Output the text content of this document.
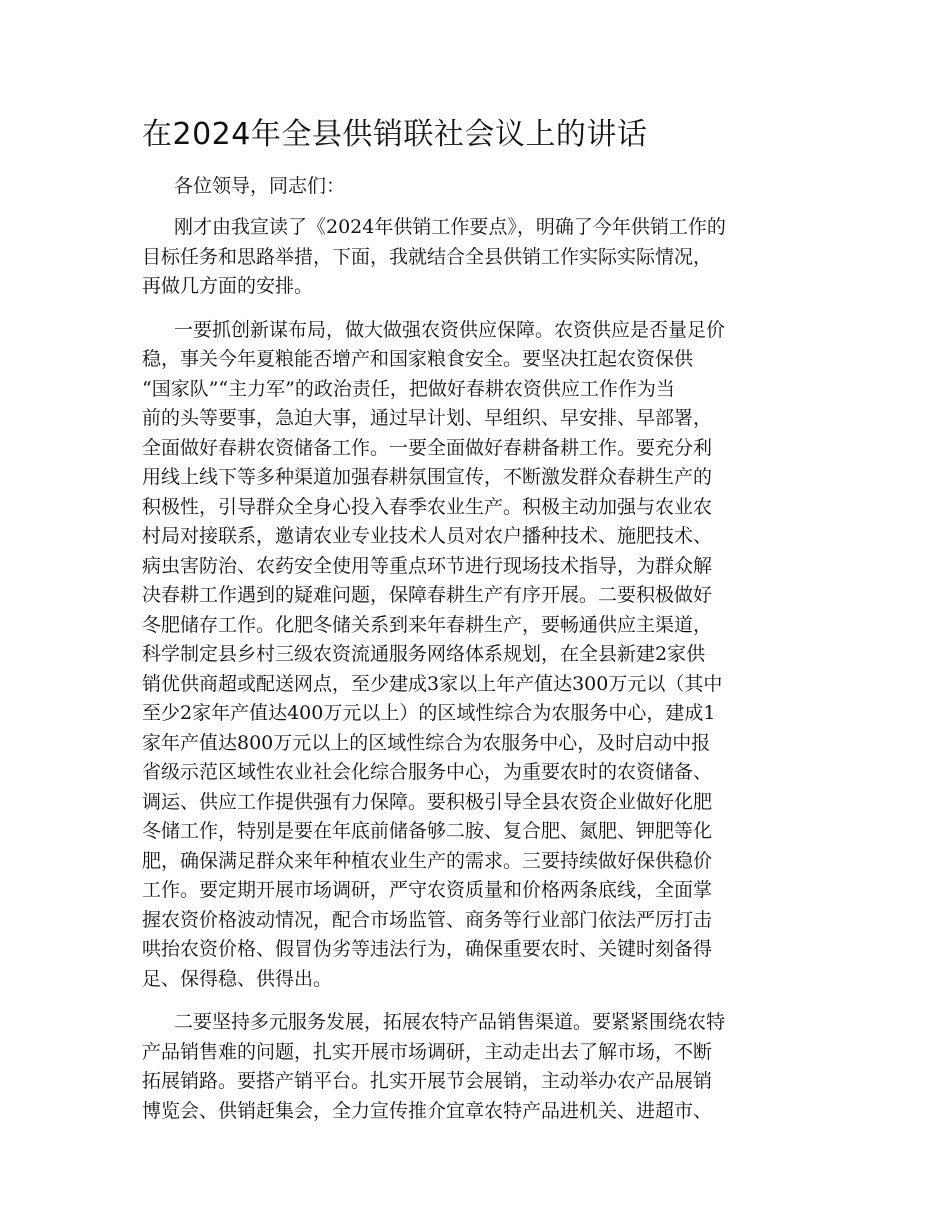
在2024年全县供销联社会议上的讲话

各位领导，同志们：

刚才由我宣读了《2024年供销工作要点》，明确了今年供销工作的
目标任务和思路举措，下面，我就结合全县供销工作实际实际情况，
再做几方面的安排。

一要抓创新谋布局，做大做强农资供应保障。农资供应是否量足价
稳，事关今年夏粮能否增产和国家粮食安全。要坚决扛起农资保供
“国家队”“主力军”的政治责任，把做好春耕农资供应工作作为当
前的头等要事，急迫大事，通过早计划、早组织、早安排、早部署，
全面做好春耕农资储备工作。一要全面做好春耕备耕工作。要充分利
用线上线下等多种渠道加强春耕氛围宣传，不断激发群众春耕生产的
积极性，引导群众全身心投入春季农业生产。积极主动加强与农业农
村局对接联系，邀请农业专业技术人员对农户播种技术、施肥技术、
病虫害防治、农药安全使用等重点环节进行现场技术指导，为群众解
决春耕工作遇到的疑难问题，保障春耕生产有序开展。二要积极做好
冬肥储存工作。化肥冬储关系到来年春耕生产，要畅通供应主渠道，
科学制定县乡村三级农资流通服务网络体系规划，在全县新建2家供
销优供商超或配送网点，至少建成3家以上年产值达300万元以（其中
至少2家年产值达400万元以上）的区域性综合为农服务中心，建成1
家年产值达800万元以上的区域性综合为农服务中心，及时启动中报
省级示范区域性农业社会化综合服务中心，为重要农时的农资储备、
调运、供应工作提供强有力保障。要积极引导全县农资企业做好化肥
冬储工作，特别是要在年底前储备够二胺、复合肥、氮肥、钾肥等化
肥，确保满足群众来年种植农业生产的需求。三要持续做好保供稳价
工作。要定期开展市场调研，严守农资质量和价格两条底线，全面掌
握农资价格波动情况，配合市场监管、商务等行业部门依法严厉打击
哄抬农资价格、假冒伪劣等违法行为，确保重要农时、关键时刻备得
足、保得稳、供得出。

二要坚持多元服务发展，拓展农特产品销售渠道。要紧紧围绕农特
产品销售难的问题，扎实开展市场调研，主动走出去了解市场，不断
拓展销路。要搭产销平台。扎实开展节会展销，主动举办农产品展销
博览会、供销赶集会，全力宣传推介宜章农特产品进机关、进超市、
